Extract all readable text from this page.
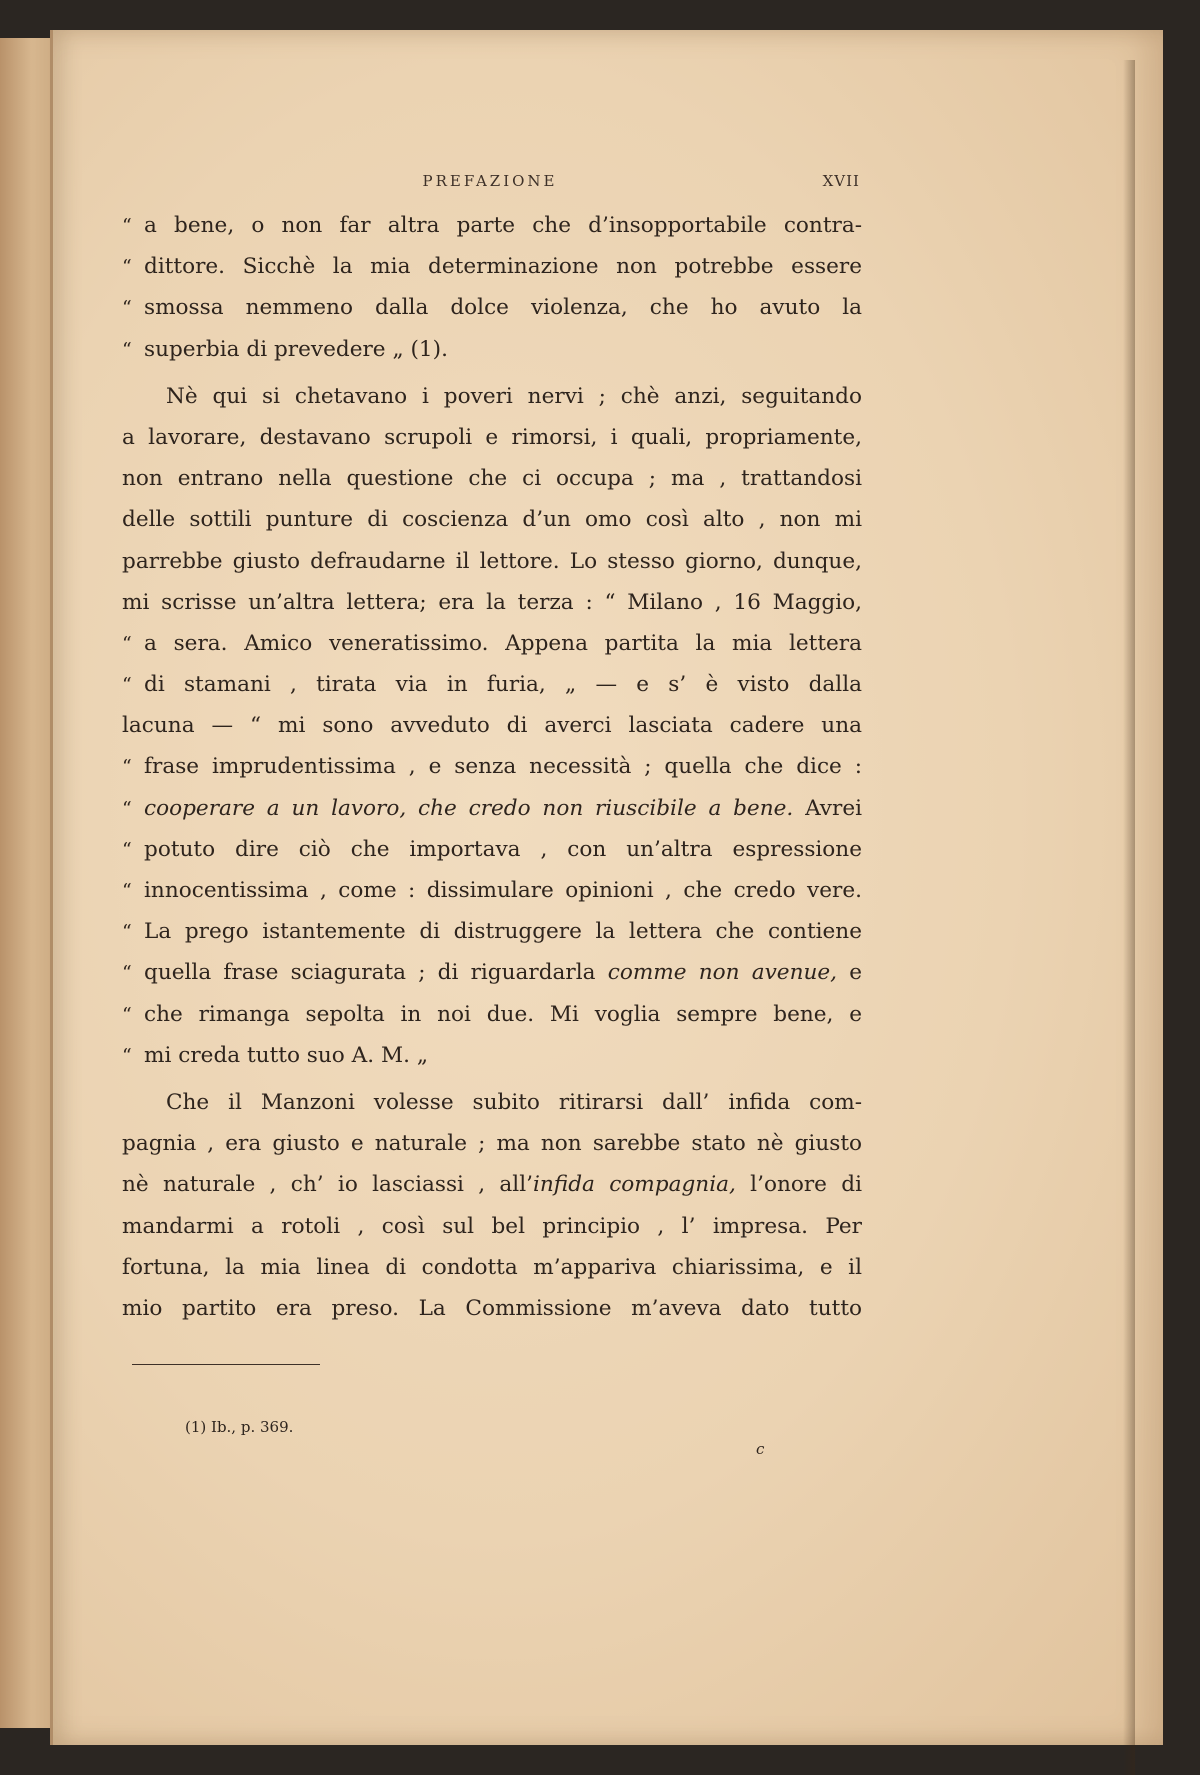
PREFAZIONE	XVII
“ a bene, o non far altra parte che d’insopportabile contra-
“ dittore. Sicchè la mia determinazione non potrebbe essere
“ smossa nemmeno dalla dolce violenza, che ho avuto la
“ superbia di prevedere „ (1).
Nè qui si chetavano i poveri nervi ; chè anzi, seguitando
a lavorare, destavano scrupoli e rimorsi, i quali, propriamente,
non entrano nella questione che ci occupa ; ma , trattandosi
delle sottili punture di coscienza d’un omo così alto , non mi
parrebbe giusto defraudarne il lettore. Lo stesso giorno, dunque,
mi scrisse un’altra lettera; era la terza : “ Milano , 16 Maggio,
“ a sera. Amico veneratissimo. Appena partita la mia lettera
“ di stamani , tirata via in furia, „ — e s’ è visto dalla
lacuna — “ mi sono avveduto di averci lasciata cadere una
“ frase imprudentissima , e senza necessità ; quella che dice :
“ cooperare a un lavoro, che credo non riuscibile a bene. Avrei
“ potuto dire ciò che importava , con un’altra espressione
“ innocentissima , come : dissimulare opinioni , che credo vere.
“ La prego istantemente di distruggere la lettera che contiene
“ quella frase sciagurata ; di riguardarla comme non avenue, e
“ che rimanga sepolta in noi due. Mi voglia sempre bene, e
“ mi creda tutto suo A. M. „
Che il Manzoni volesse subito ritirarsi dall’ infida com-
pagnia , era giusto e naturale ; ma non sarebbe stato nè giusto
nè naturale , ch’ io lasciassi , all’infida compagnia, l’onore di
mandarmi a rotoli , così sul bel principio , l’ impresa. Per
fortuna, la mia linea di condotta m’appariva chiarissima, e il
mio partito era preso. La Commissione m’aveva dato tutto
(1) Ib., p. 369.
c
